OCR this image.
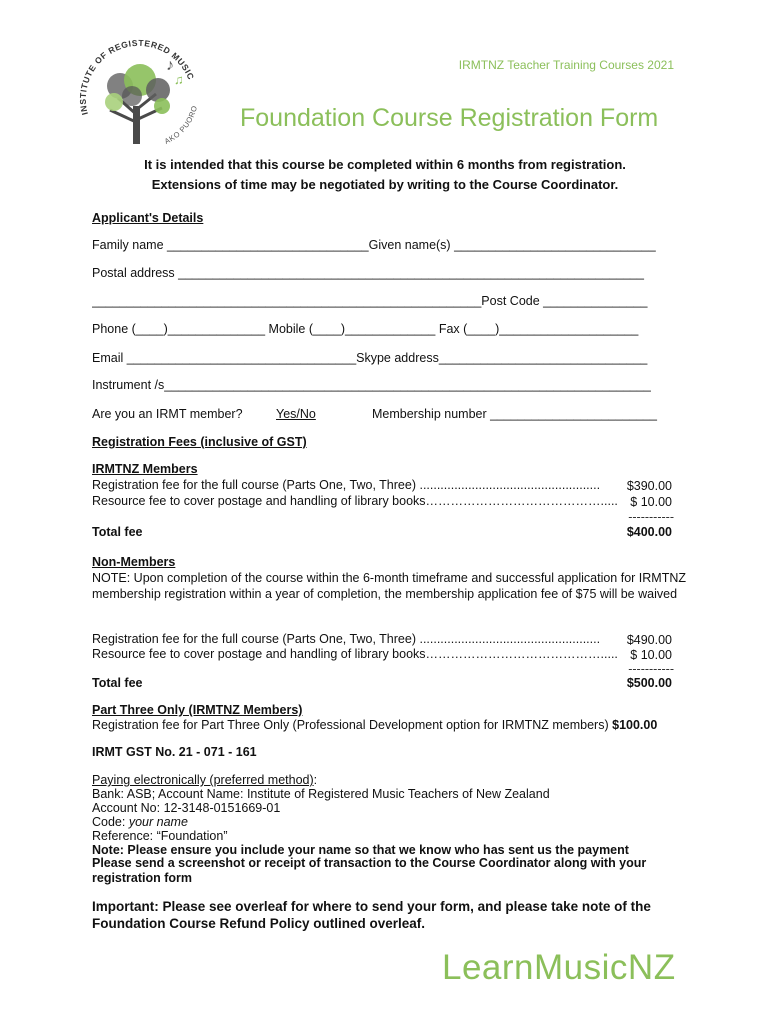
INSTITUTE OF REGISTERED MUSIC
AKO PUORO
♪
♫
IRMTNZ Teacher Training Courses 2021
Foundation Course Registration Form
It is intended that this course be completed within 6 months from registration.
Extensions of time may be negotiated by writing to the Course Coordinator.
Applicant's Details
Family name _____________________________Given name(s) _____________________________
Postal address ___________________________________________________________________
________________________________________________________Post Code _______________
Phone (____)______________ Mobile (____)_____________ Fax (____)____________________
Email _________________________________Skype address______________________________
Instrument /s______________________________________________________________________
Are you an IRMT member?	Yes/No	Membership number ________________________
Registration Fees (inclusive of GST)
IRMTNZ Members
Registration fee for the full course (Parts One, Two, Three) ....................................................	$390.00
Resource fee to cover postage and handling of library books……………………………………..... $ 10.00
-----------
Total fee	$400.00
Non-Members
NOTE: Upon completion of the course within the 6-month timeframe and successful application for IRMTNZ membership registration within a year of completion, the membership application fee of $75 will be waived
Registration fee for the full course (Parts One, Two, Three) ....................................................	$490.00
Resource fee to cover postage and handling of library books……………………………………..... $ 10.00
-----------
Total fee	$500.00
Part Three Only (IRMTNZ Members)
Registration fee for Part Three Only (Professional Development option for IRMTNZ members) $100.00
IRMT GST No. 21 - 071 - 161
Paying electronically (preferred method):
Bank: ASB; Account Name: Institute of Registered Music Teachers of New Zealand
Account No: 12-3148-0151669-01
Code: your name
Reference: “Foundation”
Note: Please ensure you include your name so that we know who has sent us the payment
Please send a screenshot or receipt of transaction to the Course Coordinator along with your registration form
Important: Please see overleaf for where to send your form, and please take note of the Foundation Course Refund Policy outlined overleaf.
LearnMusicNZ
